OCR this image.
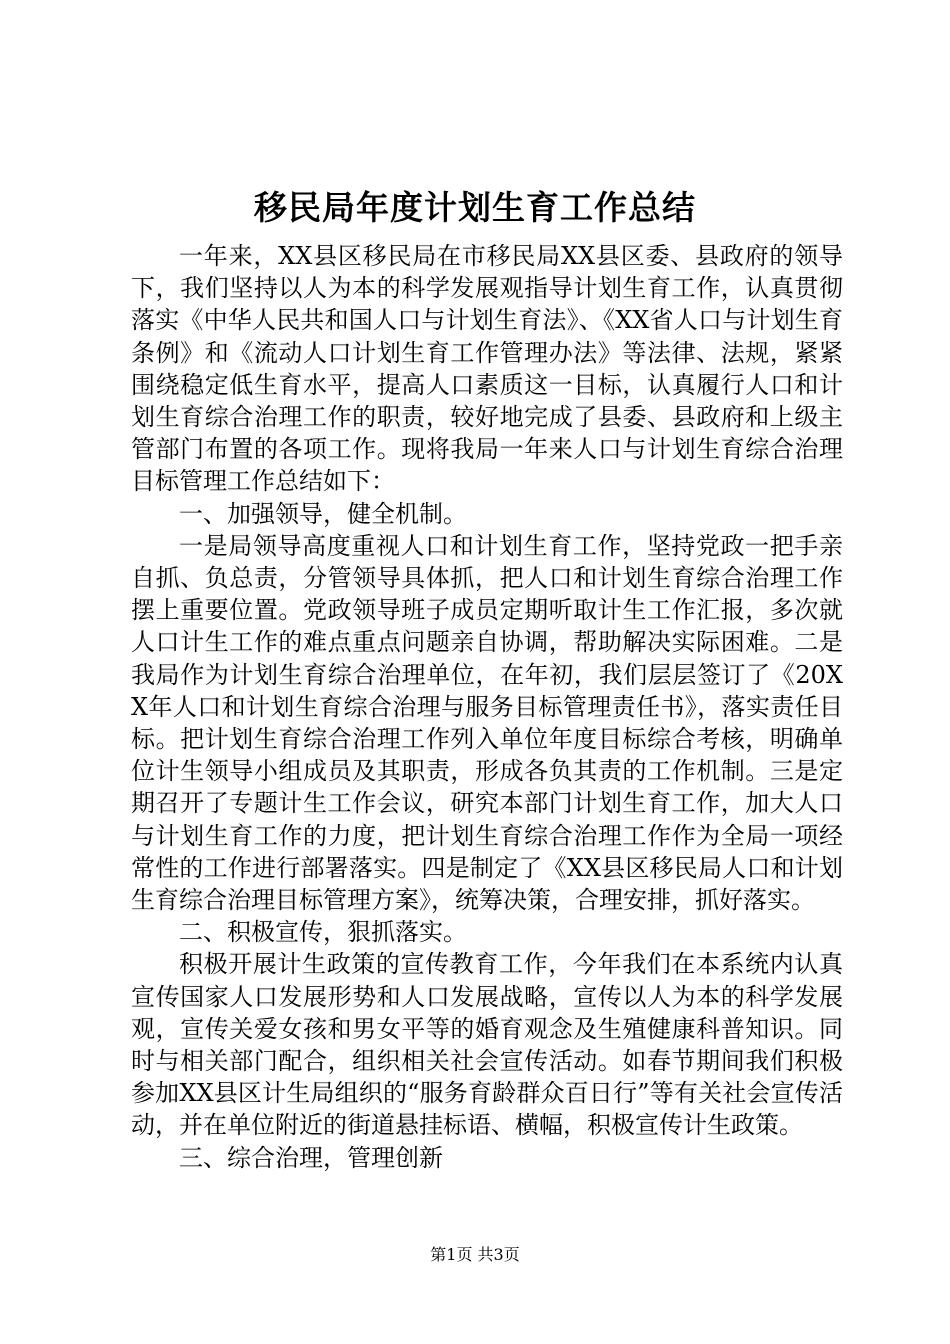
移民局年度计划生育工作总结

一年来，XX县区移民局在市移民局XX县区委、县政府的领导下，我们坚持以人为本的科学发展观指导计划生育工作，认真贯彻落实《中华人民共和国人口与计划生育法》、《XX省人口与计划生育条例》和《流动人口计划生育工作管理办法》等法律、法规，紧紧围绕稳定低生育水平，提高人口素质这一目标，认真履行人口和计划生育综合治理工作的职责，较好地完成了县委、县政府和上级主管部门布置的各项工作。现将我局一年来人口与计划生育综合治理目标管理工作总结如下：

一、加强领导，健全机制。

一是局领导高度重视人口和计划生育工作，坚持党政一把手亲自抓、负总责，分管领导具体抓，把人口和计划生育综合治理工作摆上重要位置。党政领导班子成员定期听取计生工作汇报，多次就人口计生工作的难点重点问题亲自协调，帮助解决实际困难。二是我局作为计划生育综合治理单位，在年初，我们层层签订了《20XX年人口和计划生育综合治理与服务目标管理责任书》，落实责任目标。把计划生育综合治理工作列入单位年度目标综合考核，明确单位计生领导小组成员及其职责，形成各负其责的工作机制。三是定期召开了专题计生工作会议，研究本部门计划生育工作，加大人口与计划生育工作的力度，把计划生育综合治理工作作为全局一项经常性的工作进行部署落实。四是制定了《XX县区移民局人口和计划生育综合治理目标管理方案》，统筹决策，合理安排，抓好落实。

二、积极宣传，狠抓落实。

积极开展计生政策的宣传教育工作，今年我们在本系统内认真宣传国家人口发展形势和人口发展战略，宣传以人为本的科学发展观，宣传关爱女孩和男女平等的婚育观念及生殖健康科普知识。同时与相关部门配合，组织相关社会宣传活动。如春节期间我们积极参加XX县区计生局组织的“服务育龄群众百日行”等有关社会宣传活动，并在单位附近的街道悬挂标语、横幅，积极宣传计生政策。

三、综合治理，管理创新

第1页 共3页
